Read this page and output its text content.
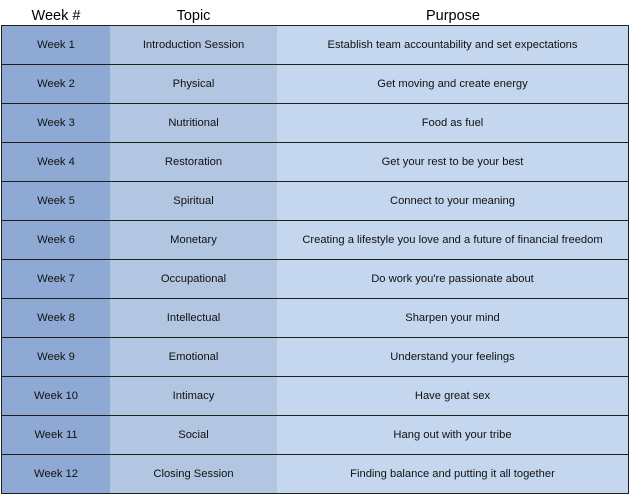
Week #	Topic	Purpose
Week 1	Introduction Session	Establish team accountability and set expectations
Week 2	Physical	Get moving and create energy
Week 3	Nutritional	Food as fuel
Week 4	Restoration	Get your rest to be your best
Week 5	Spiritual	Connect to your meaning
Week 6	Monetary	Creating a lifestyle you love and a future of financial freedom
Week 7	Occupational	Do work you're passionate about
Week 8	Intellectual	Sharpen your mind
Week 9	Emotional	Understand your feelings
Week 10	Intimacy	Have great sex
Week 11	Social	Hang out with your tribe
Week 12	Closing Session	Finding balance and putting it all together
